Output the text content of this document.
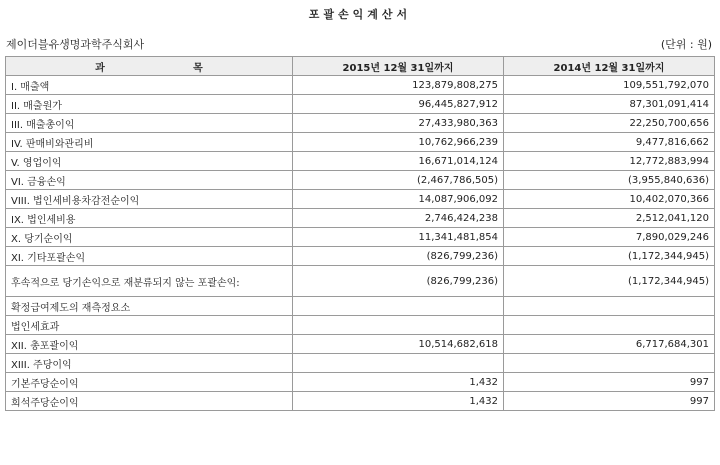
포괄손익계산서
제이더블유생명과학주식회사	(단위 : 원)
과 목	2015년 12월 31일까지	2014년 12월 31일까지
I. 매출액	123,879,808,275	109,551,792,070
II. 매출원가	96,445,827,912	87,301,091,414
III. 매출총이익	27,433,980,363	22,250,700,656
IV. 판매비와관리비	10,762,966,239	9,477,816,662
V. 영업이익	16,671,014,124	12,772,883,994
VI. 금융손익	(2,467,786,505)	(3,955,840,636)
VIII. 법인세비용차감전순이익	14,087,906,092	10,402,070,366
IX. 법인세비용	2,746,424,238	2,512,041,120
X. 당기순이익	11,341,481,854	7,890,029,246
XI. 기타포괄손익	(826,799,236)	(1,172,344,945)
후속적으로 당기손익으로 재분류되지 않는 포괄손익:	(826,799,236)	(1,172,344,945)
확정급여제도의 재측정요소		
법인세효과		
XII. 총포괄이익	10,514,682,618	6,717,684,301
XIII. 주당이익		
기본주당순이익	1,432	997
희석주당순이익	1,432	997
